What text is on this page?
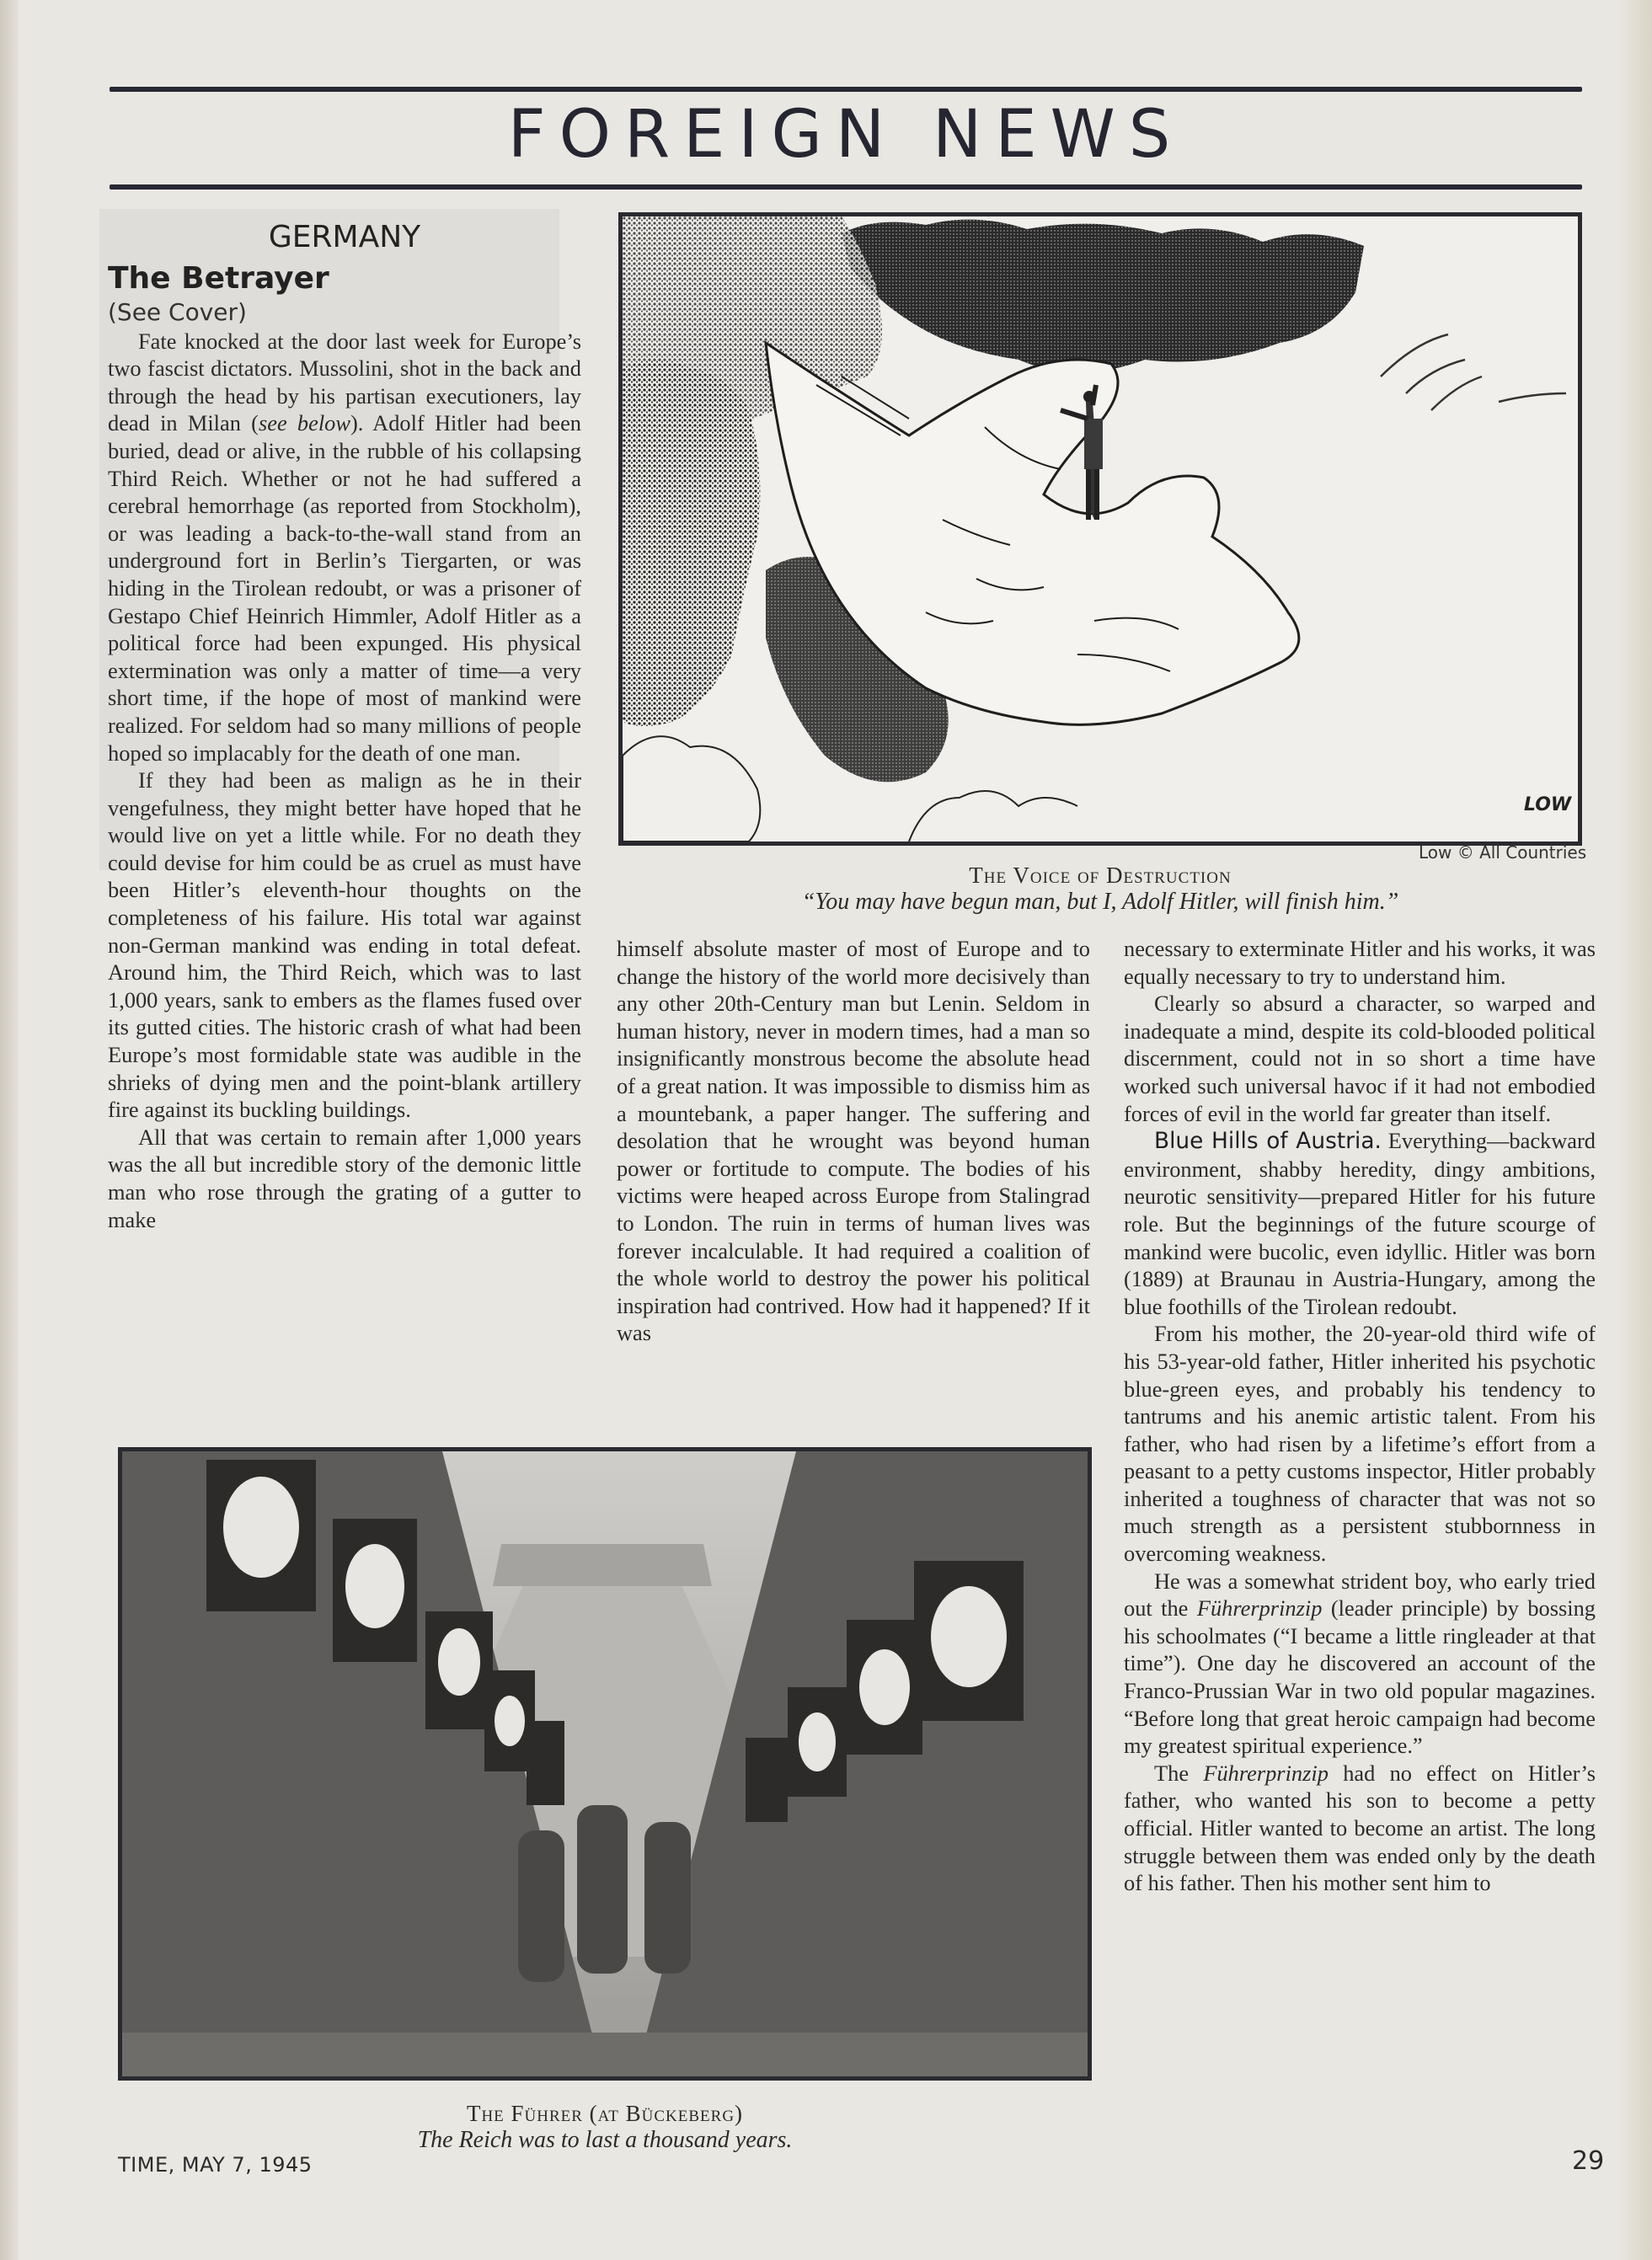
FOREIGN NEWS
GERMANY
The Betrayer
(See Cover)

Fate knocked at the door last week for Europe’s two fascist dictators. Mussolini, shot in the back and through the head by his partisan executioners, lay dead in Milan (see below). Adolf Hitler had been buried, dead or alive, in the rubble of his collapsing Third Reich. Whether or not he had suffered a cerebral hemorrhage (as reported from Stockholm), or was leading a back-to-the-wall stand from an underground fort in Berlin’s Tiergarten, or was hiding in the Tirolean redoubt, or was a prisoner of Gestapo Chief Heinrich Himmler, Adolf Hitler as a political force had been expunged. His physical extermination was only a matter of time—a very short time, if the hope of most of mankind were realized. For seldom had so many millions of people hoped so implacably for the death of one man.

If they had been as malign as he in their vengefulness, they might better have hoped that he would live on yet a little while. For no death they could devise for him could be as cruel as must have been Hitler’s eleventh-hour thoughts on the completeness of his failure. His total war against non-German mankind was ending in total defeat. Around him, the Third Reich, which was to last 1,000 years, sank to embers as the flames fused over its gutted cities. The historic crash of what had been Europe’s most formidable state was audible in the shrieks of dying men and the point-blank artillery fire against its buckling buildings.

All that was certain to remain after 1,000 years was the all but incredible story of the demonic little man who rose through the grating of a gutter to make

LOW
Low © All Countries
The Voice of Destruction
“You may have begun man, but I, Adolf Hitler, will finish him.”

himself absolute master of most of Europe and to change the history of the world more decisively than any other 20th-Century man but Lenin. Seldom in human history, never in modern times, had a man so insignificantly monstrous become the absolute head of a great nation. It was impossible to dismiss him as a mountebank, a paper hanger. The suffering and desolation that he wrought was beyond human power or fortitude to compute. The bodies of his victims were heaped across Europe from Stalingrad to London. The ruin in terms of human lives was forever incalculable. It had required a coalition of the whole world to destroy the power his political inspiration had contrived. How had it happened? If it was

necessary to exterminate Hitler and his works, it was equally necessary to try to understand him.

Clearly so absurd a character, so warped and inadequate a mind, despite its cold-blooded political discernment, could not in so short a time have worked such universal havoc if it had not embodied forces of evil in the world far greater than itself.

Blue Hills of Austria. Everything—backward environment, shabby heredity, dingy ambitions, neurotic sensitivity—prepared Hitler for his future role. But the beginnings of the future scourge of mankind were bucolic, even idyllic. Hitler was born (1889) at Braunau in Austria-Hungary, among the blue foothills of the Tirolean redoubt.

From his mother, the 20-year-old third wife of his 53-year-old father, Hitler inherited his psychotic blue-green eyes, and probably his tendency to tantrums and his anemic artistic talent. From his father, who had risen by a lifetime’s effort from a peasant to a petty customs inspector, Hitler probably inherited a toughness of character that was not so much strength as a persistent stubbornness in overcoming weakness.

He was a somewhat strident boy, who early tried out the Führerprinzip (leader principle) by bossing his schoolmates (“I became a little ringleader at that time”). One day he discovered an account of the Franco-Prussian War in two old popular magazines. “Before long that great heroic campaign had become my greatest spiritual experience.”

The Führerprinzip had no effect on Hitler’s father, who wanted his son to become a petty official. Hitler wanted to become an artist. The long struggle between them was ended only by the death of his father. Then his mother sent him to

The Führer (at Bückeberg)
The Reich was to last a thousand years.
TIME, MAY 7, 1945	29
